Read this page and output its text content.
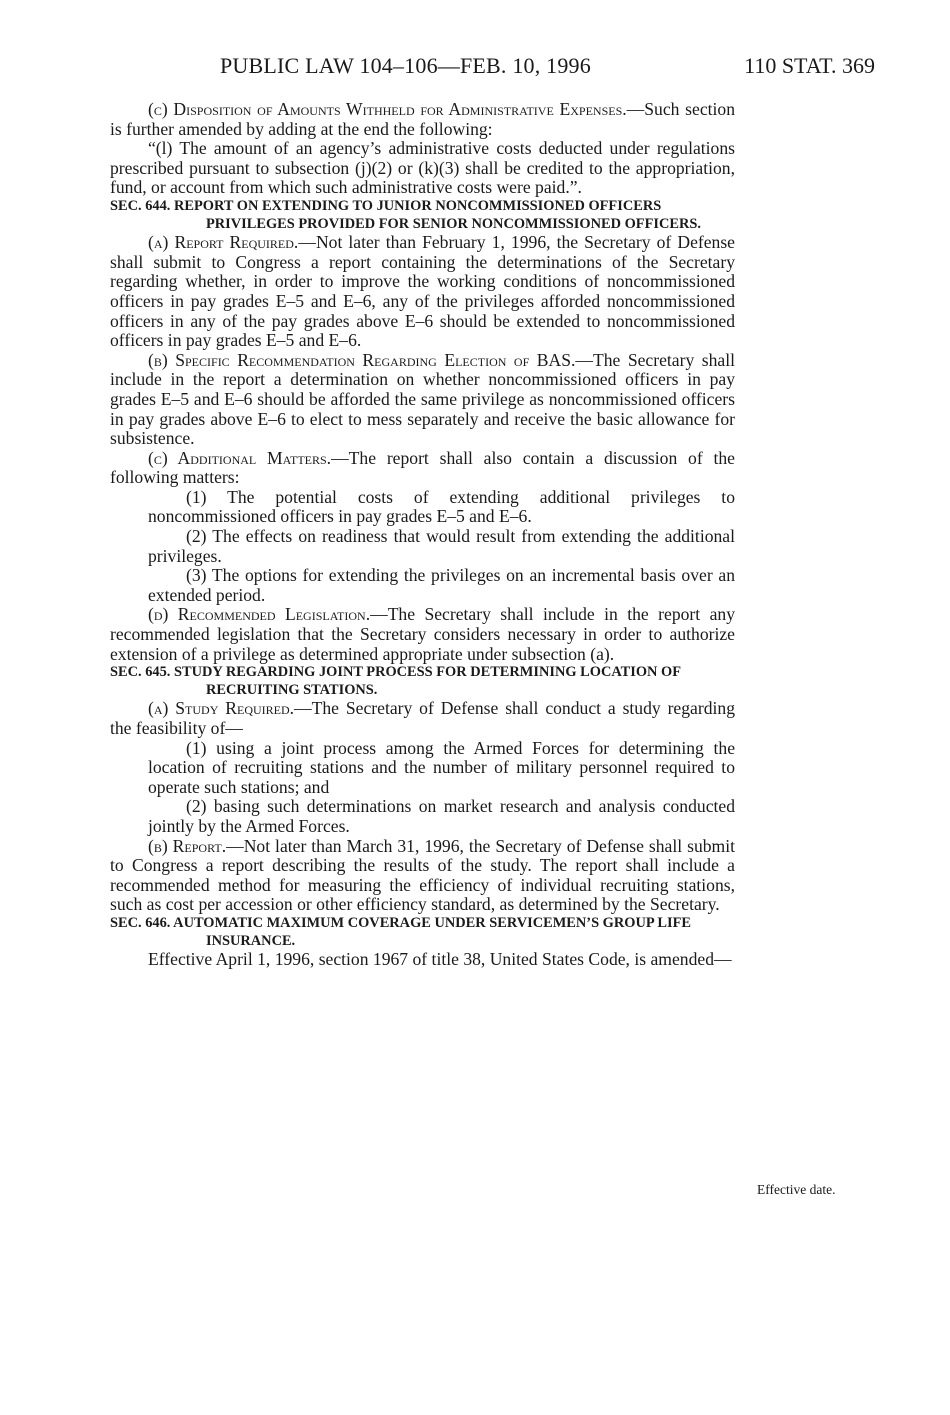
PUBLIC LAW 104–106—FEB. 10, 1996	110 STAT. 369

(c) Disposition of Amounts Withheld for Administrative Expenses.—Such section is further amended by adding at the end the following:

“(l) The amount of an agency’s administrative costs deducted under regulations prescribed pursuant to subsection (j)(2) or (k)(3) shall be credited to the appropriation, fund, or account from which such administrative costs were paid.”.

SEC. 644. REPORT ON EXTENDING TO JUNIOR NONCOMMISSIONED OFFICERS PRIVILEGES PROVIDED FOR SENIOR NONCOMMISSIONED OFFICERS.

(a) Report Required.—Not later than February 1, 1996, the Secretary of Defense shall submit to Congress a report containing the determinations of the Secretary regarding whether, in order to improve the working conditions of noncommissioned officers in pay grades E–5 and E–6, any of the privileges afforded noncommissioned officers in any of the pay grades above E–6 should be extended to noncommissioned officers in pay grades E–5 and E–6.

(b) Specific Recommendation Regarding Election of BAS.—The Secretary shall include in the report a determination on whether noncommissioned officers in pay grades E–5 and E–6 should be afforded the same privilege as noncommissioned officers in pay grades above E–6 to elect to mess separately and receive the basic allowance for subsistence.

(c) Additional Matters.—The report shall also contain a discussion of the following matters:

(1) The potential costs of extending additional privileges to noncommissioned officers in pay grades E–5 and E–6.

(2) The effects on readiness that would result from extending the additional privileges.

(3) The options for extending the privileges on an incremental basis over an extended period.

(d) Recommended Legislation.—The Secretary shall include in the report any recommended legislation that the Secretary considers necessary in order to authorize extension of a privilege as determined appropriate under subsection (a).

SEC. 645. STUDY REGARDING JOINT PROCESS FOR DETERMINING LOCATION OF RECRUITING STATIONS.

(a) Study Required.—The Secretary of Defense shall conduct a study regarding the feasibility of—

(1) using a joint process among the Armed Forces for determining the location of recruiting stations and the number of military personnel required to operate such stations; and

(2) basing such determinations on market research and analysis conducted jointly by the Armed Forces.

(b) Report.—Not later than March 31, 1996, the Secretary of Defense shall submit to Congress a report describing the results of the study. The report shall include a recommended method for measuring the efficiency of individual recruiting stations, such as cost per accession or other efficiency standard, as determined by the Secretary.

SEC. 646. AUTOMATIC MAXIMUM COVERAGE UNDER SERVICEMEN’S GROUP LIFE INSURANCE.

Effective April 1, 1996, section 1967 of title 38, United States Code, is amended—

Effective date.
